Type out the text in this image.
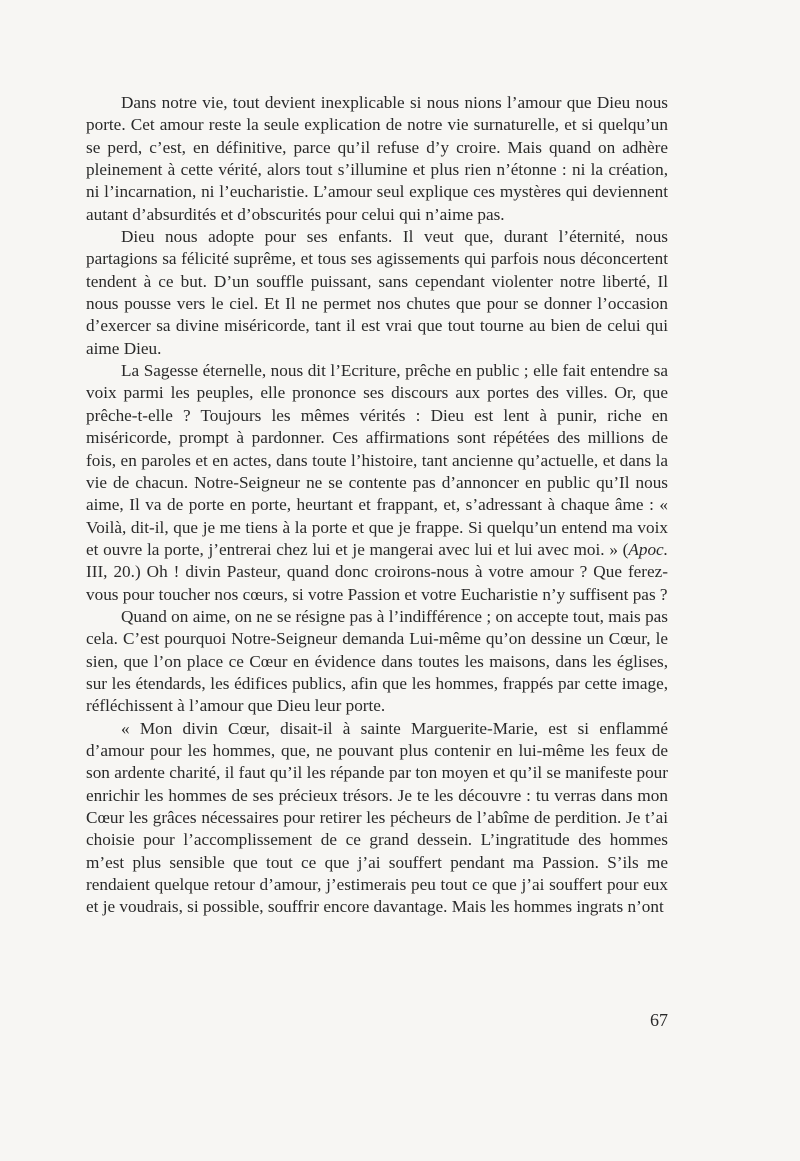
Dans notre vie, tout devient inexplicable si nous nions l’amour que Dieu nous porte. Cet amour reste la seule explication de notre vie surnaturelle, et si quelqu’un se perd, c’est, en définitive, parce qu’il refuse d’y croire. Mais quand on adhère pleinement à cette vérité, alors tout s’illumine et plus rien n’étonne : ni la création, ni l’incarnation, ni l’eucharistie. L’amour seul explique ces mystères qui deviennent autant d’absurdités et d’obscurités pour celui qui n’aime pas.

Dieu nous adopte pour ses enfants. Il veut que, durant l’éternité, nous partagions sa félicité suprême, et tous ses agissements qui parfois nous déconcertent tendent à ce but. D’un souffle puissant, sans cependant violenter notre liberté, Il nous pousse vers le ciel. Et Il ne permet nos chutes que pour se donner l’occasion d’exercer sa divine miséricorde, tant il est vrai que tout tourne au bien de celui qui aime Dieu.

La Sagesse éternelle, nous dit l’Ecriture, prêche en public ; elle fait entendre sa voix parmi les peuples, elle prononce ses discours aux portes des villes. Or, que prêche-t-elle ? Toujours les mêmes vérités : Dieu est lent à punir, riche en miséricorde, prompt à pardonner. Ces affirmations sont répétées des millions de fois, en paroles et en actes, dans toute l’histoire, tant ancienne qu’actuelle, et dans la vie de chacun. Notre-Seigneur ne se contente pas d’annoncer en public qu’Il nous aime, Il va de porte en porte, heurtant et frappant, et, s’adressant à chaque âme : « Voilà, dit-il, que je me tiens à la porte et que je frappe. Si quelqu’un entend ma voix et ouvre la porte, j’entrerai chez lui et je mangerai avec lui et lui avec moi. » (Apoc. III, 20.) Oh ! divin Pasteur, quand donc croirons-nous à votre amour ? Que ferez-vous pour toucher nos cœurs, si votre Passion et votre Eucharistie n’y suffisent pas ?

Quand on aime, on ne se résigne pas à l’indifférence ; on accepte tout, mais pas cela. C’est pourquoi Notre-Seigneur demanda Lui-même qu’on dessine un Cœur, le sien, que l’on place ce Cœur en évidence dans toutes les maisons, dans les églises, sur les étendards, les édifices publics, afin que les hommes, frappés par cette image, réfléchissent à l’amour que Dieu leur porte.

« Mon divin Cœur, disait-il à sainte Marguerite-Marie, est si enflammé d’amour pour les hommes, que, ne pouvant plus contenir en lui-même les feux de son ardente charité, il faut qu’il les répande par ton moyen et qu’il se manifeste pour enrichir les hommes de ses précieux trésors. Je te les découvre : tu verras dans mon Cœur les grâces nécessaires pour retirer les pécheurs de l’abîme de perdition. Je t’ai choisie pour l’accomplissement de ce grand dessein. L’ingratitude des hommes m’est plus sensible que tout ce que j’ai souffert pendant ma Passion. S’ils me rendaient quelque retour d’amour, j’estimerais peu tout ce que j’ai souffert pour eux et je voudrais, si possible, souffrir encore davantage. Mais les hommes ingrats n’ont

67
